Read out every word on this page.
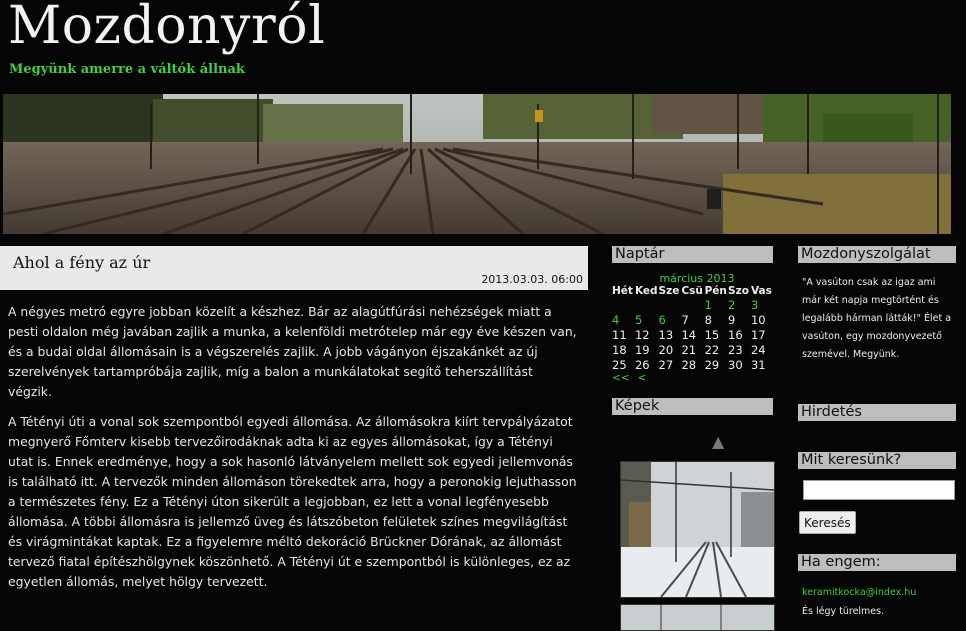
Mozdonyról
Megyünk amerre a váltók állnak
Ahol a fény az úr
2013.03.03. 06:00

A négyes metró egyre jobban közelít a készhez. Bár az alagútfúrási nehézségek miatt a pesti oldalon még javában zajlik a munka, a kelenföldi metrótelep már egy éve készen van, és a budai oldal állomásain is a végszerelés zajlik. A jobb vágányon éjszakánkét az új szerelvények tartampróbája zajlik, míg a balon a munkálatokat segítő teherszállítást végzik.

A Tétényi úti a vonal sok szempontból egyedi állomása. Az állomásokra kiírt tervpályázatot megnyerő Főmterv kisebb tervezőirodáknak adta ki az egyes állomásokat, így a Tétényi utat is. Ennek eredménye, hogy a sok hasonló látványelem mellett sok egyedi jellemvonás is található itt. A tervezők minden állomáson törekedtek arra, hogy a peronokig lejuthasson a természetes fény. Ez a Tétényi úton sikerült a legjobban, ez lett a vonal legfényesebb állomása. A többi állomásra is jellemző üveg és látszóbeton felületek színes megvilágítást és virágmintákat kaptak. Ez a figyelemre méltó dekoráció Brückner Dórának, az állomást tervező fiatal építészhölgynek köszönhető. A Tétényi út e szempontból is különleges, ez az egyetlen állomás, melyet hölgy tervezett.

Naptár
március 2013
Hét	Ked	Sze	Csü	Pén	Szo	Vas
				1	2	3
4	5	6	7	8	9	10
11	12	13	14	15	16	17
18	19	20	21	22	23	24
25	26	27	28	29	30	31
<< <
Képek
▲
Mozdonyszolgálat
"A vasúton csak az igaz ami már két napja megtörtént és legalább hárman látták!" Élet a vasúton, egy mozdonyvezető szemével. Megyünk.
Hirdetés
Mit keresünk?
Keresés
Ha engem:
keramitkocka@index.hu
És légy türelmes.
